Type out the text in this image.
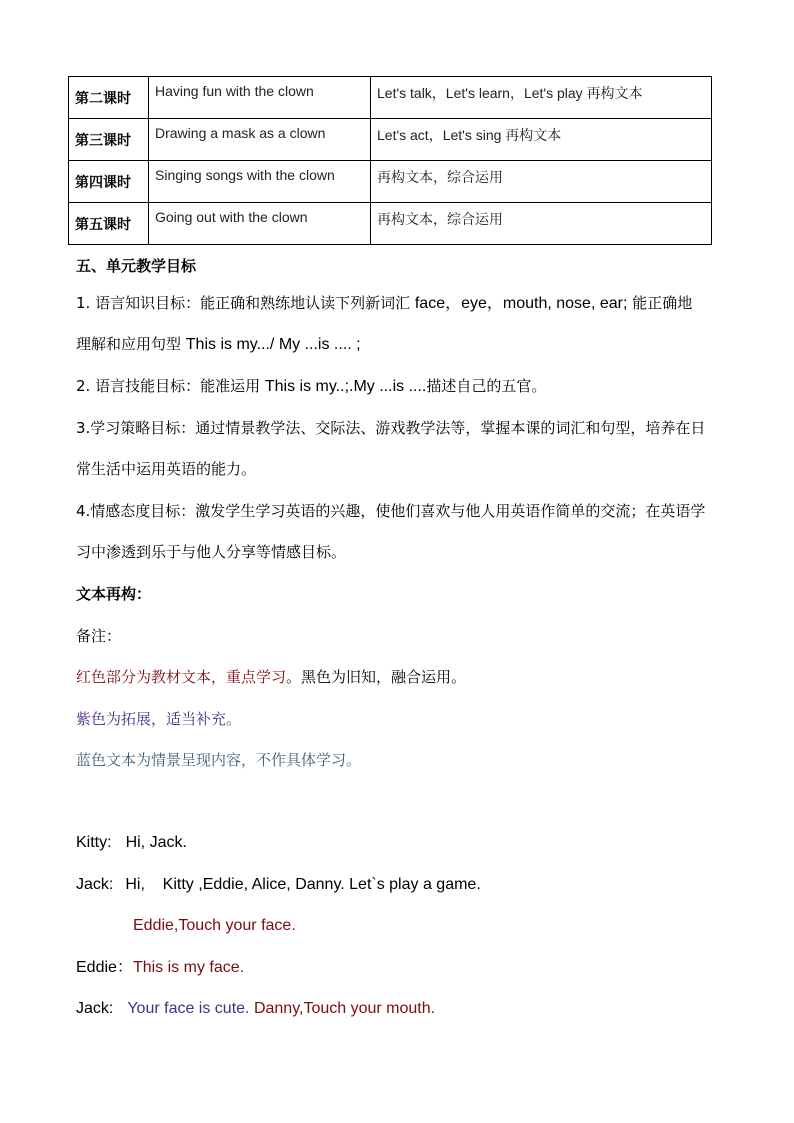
第二课时	Having fun with the clown	Let's talk，Let's learn，Let's play 再构文本
第三课时	Drawing a mask as a clown	Let's act，Let's sing 再构文本
第四课时	Singing songs with the clown	再构文本，综合运用
第五课时	Going out with the clown	再构文本，综合运用
五、单元教学目标
1. 语言知识目标：能正确和熟练地认读下列新词汇 face，eye，mouth, nose, ear; 能正确地
理解和应用句型 This is my.../ My ...is .... ;
2. 语言技能目标：能准运用 This is my..;.My ...is ....描述自己的五官。
3.学习策略目标：通过情景教学法、交际法、游戏教学法等，掌握本课的词汇和句型，培养在日
常生活中运用英语的能力。
4.情感态度目标：激发学生学习英语的兴趣，使他们喜欢与他人用英语作简单的交流；在英语学
习中渗透到乐于与他人分享等情感目标。
文本再构：
备注：
红色部分为教材文本，重点学习。黑色为旧知，融合运用。
紫色为拓展，适当补充。
蓝色文本为情景呈现内容，不作具体学习。
Kitty: Hi, Jack.
Jack: Hi,    Kitty ,Eddie, Alice, Danny. Let`s play a game.
Eddie,Touch your face.
Eddie：This is my face.
Jack: Your face is cute. Danny,Touch your mouth.
